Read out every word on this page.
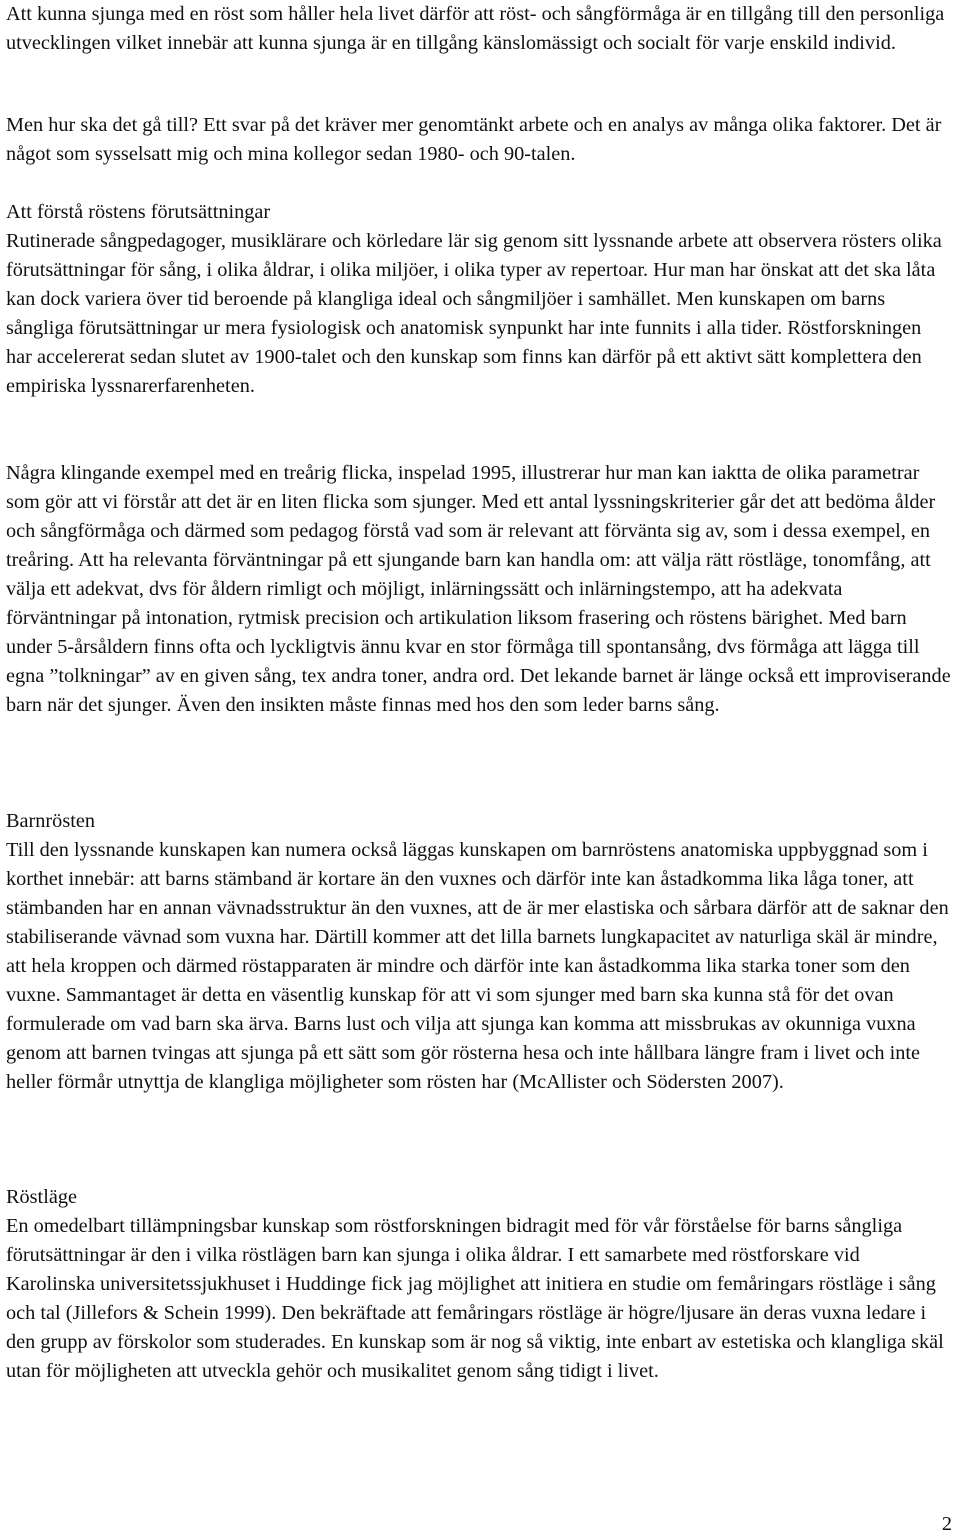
Att kunna sjunga med en röst som håller hela livet därför att röst- och sångförmåga är en tillgång till den personliga utvecklingen vilket innebär att kunna sjunga är en tillgång känslomässigt och socialt för varje enskild individ.

Men hur ska det gå till? Ett svar på det kräver mer genomtänkt arbete och en analys av många olika faktorer. Det är något som sysselsatt mig och mina kollegor sedan 1980- och 90-talen.

Att förstå röstens förutsättningar

Rutinerade sångpedagoger, musiklärare och körledare lär sig genom sitt lyssnande arbete att observera rösters olika förutsättningar för sång, i olika åldrar, i olika miljöer, i olika typer av repertoar. Hur man har önskat att det ska låta kan dock variera över tid beroende på klangliga ideal och sångmiljöer i samhället. Men kunskapen om barns sångliga förutsättningar ur mera fysiologisk och anatomisk synpunkt har inte funnits i alla tider. Röstforskningen har accelererat sedan slutet av 1900-talet och den kunskap som finns kan därför på ett aktivt sätt komplettera den empiriska lyssnarerfarenheten.

Några klingande exempel med en treårig flicka, inspelad 1995, illustrerar hur man kan iaktta de olika parametrar som gör att vi förstår att det är en liten flicka som sjunger. Med ett antal lyssningskriterier går det att bedöma ålder och sångförmåga och därmed som pedagog förstå vad som är relevant att förvänta sig av, som i dessa exempel, en treåring. Att ha relevanta förväntningar på ett sjungande barn kan handla om: att välja rätt röstläge, tonomfång, att välja ett adekvat, dvs för åldern rimligt och möjligt, inlärningssätt och inlärningstempo, att ha adekvata förväntningar på intonation, rytmisk precision och artikulation liksom frasering och röstens bärighet. Med barn under 5-årsåldern finns ofta och lyckligtvis ännu kvar en stor förmåga till spontansång, dvs förmåga att lägga till egna ”tolkningar” av en given sång, tex andra toner, andra ord. Det lekande barnet är länge också ett improviserande barn när det sjunger. Även den insikten måste finnas med hos den som leder barns sång.

Barnrösten

Till den lyssnande kunskapen kan numera också läggas kunskapen om barnröstens anatomiska uppbyggnad som i korthet innebär: att barns stämband är kortare än den vuxnes och därför inte kan åstadkomma lika låga toner, att stämbanden har en annan vävnadsstruktur än den vuxnes, att de är mer elastiska och sårbara därför att de saknar den stabiliserande vävnad som vuxna har. Därtill kommer att det lilla barnets lungkapacitet av naturliga skäl är mindre, att hela kroppen och därmed röstapparaten är mindre och därför inte kan åstadkomma lika starka toner som den vuxne. Sammantaget är detta en väsentlig kunskap för att vi som sjunger med barn ska kunna stå för det ovan formulerade om vad barn ska ärva. Barns lust och vilja att sjunga kan komma att missbrukas av okunniga vuxna genom att barnen tvingas att sjunga på ett sätt som gör rösterna hesa och inte hållbara längre fram i livet och inte heller förmår utnyttja de klangliga möjligheter som rösten har (McAllister och Södersten 2007).

Röstläge

En omedelbart tillämpningsbar kunskap som röstforskningen bidragit med för vår förståelse för barns sångliga förutsättningar är den i vilka röstlägen barn kan sjunga i olika åldrar. I ett samarbete med röstforskare vid Karolinska universitetssjukhuset i Huddinge fick jag möjlighet att initiera en studie om femåringars röstläge i sång och tal (Jillefors & Schein 1999). Den bekräftade att femåringars röstläge är högre/ljusare än deras vuxna ledare i den grupp av förskolor som studerades. En kunskap som är nog så viktig, inte enbart av estetiska och klangliga skäl utan för möjligheten att utveckla gehör och musikalitet genom sång tidigt i livet.

2
